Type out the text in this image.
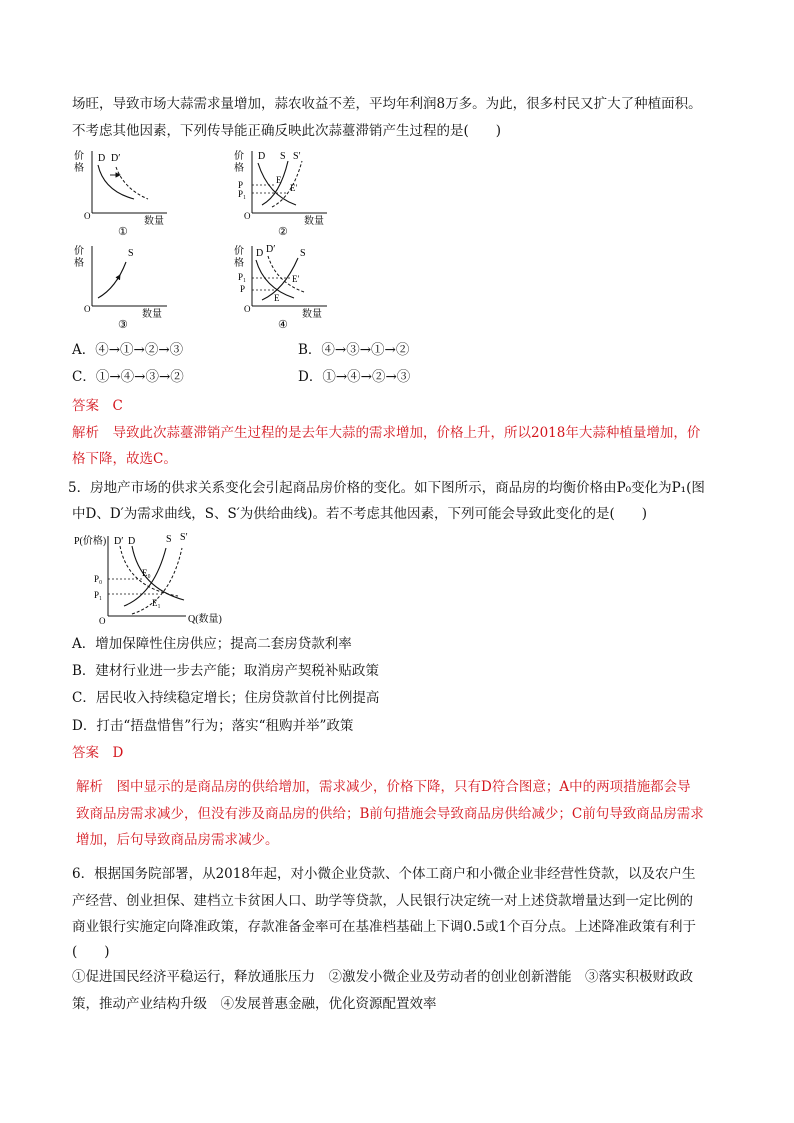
场旺，导致市场大蒜需求量增加，蒜农收益不差，平均年利润8万多。为此，很多村民又扩大了种植面积。
不考虑其他因素，下列传导能正确反映此次蒜薹滞销产生过程的是(　　)
价
格
O	数量
D D′
①
价
格
O	数量
D S S′
P
P₁
E
E′
②
价
格
O	数量
S
③
价
格
O	数量
D D′ S
P₁
P
E
E′
④
A．④→①→②→③	B．④→③→①→②
C．①→④→③→②	D．①→④→②→③
答案　C
解析　导致此次蒜薹滞销产生过程的是去年大蒜的需求增加，价格上升，所以2018年大蒜种植量增加，价
格下降，故选C。
5．房地产市场的供求关系变化会引起商品房价格的变化。如下图所示，商品房的均衡价格由P₀变化为P₁(图
中D、D′为需求曲线，S、S′为供给曲线)。若不考虑其他因素，下列可能会导致此变化的是(　　)
P(价格)
Q(数量)
O
D′ D	S S′
P₀
P₁
E₀
E₁
A．增加保障性住房供应；提高二套房贷款利率
B．建材行业进一步去产能；取消房产契税补贴政策
C．居民收入持续稳定增长；住房贷款首付比例提高
D．打击“捂盘惜售”行为；落实“租购并举”政策
答案　D
解析　图中显示的是商品房的供给增加，需求减少，价格下降，只有D符合图意；A中的两项措施都会导
致商品房需求减少，但没有涉及商品房的供给；B前句措施会导致商品房供给减少；C前句导致商品房需求
增加，后句导致商品房需求减少。
6．根据国务院部署，从2018年起，对小微企业贷款、个体工商户和小微企业非经营性贷款，以及农户生
产经营、创业担保、建档立卡贫困人口、助学等贷款，人民银行决定统一对上述贷款增量达到一定比例的
商业银行实施定向降准政策，存款准备金率可在基准档基础上下调0.5或1个百分点。上述降准政策有利于
(　　)
①促进国民经济平稳运行，释放通胀压力　②激发小微企业及劳动者的创业创新潜能　③落实积极财政政
策，推动产业结构升级　④发展普惠金融，优化资源配置效率
